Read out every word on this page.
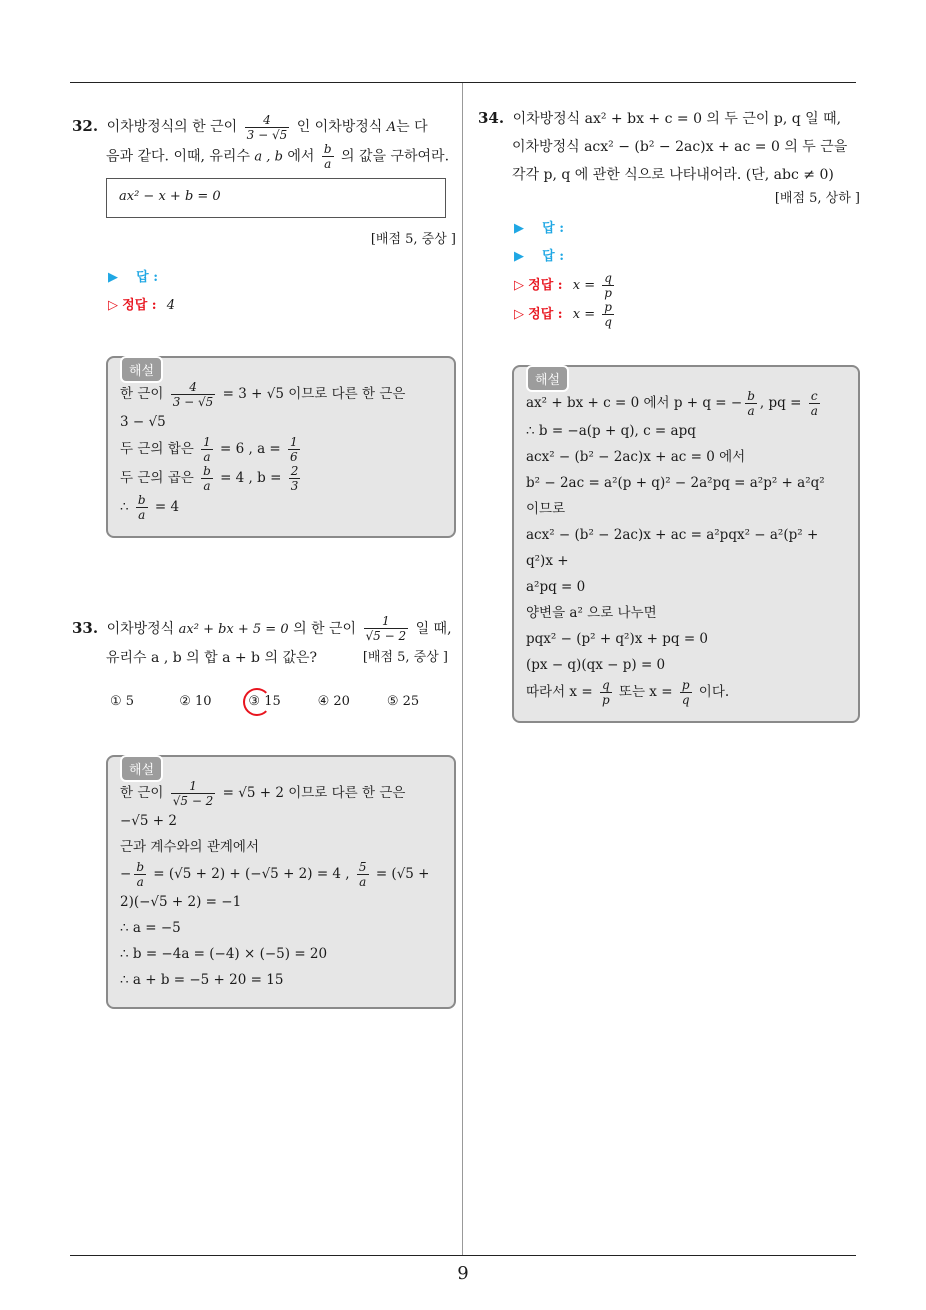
9

32. 이차방정식의 한 근이 $\frac{4}{3 - √5}$ 인 이차방정식 A는 다

음과 같다. 이때, 유리수 a , b 에서 $\frac{b}{a}$ 의 값을 구하여라.

ax² − x + b = 0

[배점 5, 중상 ]

▶ 답 :
▷ 정답 : 4
해설

한 근이 $\frac{4}{3 - √5} = 3 + √5$ 이므로 다른 한 근은

3 − √5

두 근의 합은 $\frac{1}{a} = 6$ , $a = \frac{1}{6}$

두 근의 곱은 $\frac{b}{a} = 4$ , $b = \frac{2}{3}$

∴ $\frac{b}{a} = 4$

33. 이차방정식 ax² + bx + 5 = 0 의 한 근이 $\frac{1}{√5 - 2}$ 일 때,

유리수 a , b 의 합 a + b 의 값은?	[배점 5, 중상 ]

① 5	② 10	③ 15	④ 20	⑤ 25
해설

한 근이 $\frac{1}{√5 - 2} = √5 + 2$ 이므로 다른 한 근은

−√5 + 2

근과 계수와의 관계에서

− $\frac{b}{a} = (√5 + 2) + (-√5 + 2) = 4$ , $\frac{5}{a} = (√5$ +

2)(−√5 + 2) = −1

∴ a = −5

∴ b = −4a = (−4) × (−5) = 20

∴ a + b = −5 + 20 = 15

34. 이차방정식 ax² + bx + c = 0 의 두 근이 p, q 일 때,

이차방정식 acx² − (b² − 2ac)x + ac = 0 의 두 근을

각각 p, q 에 관한 식으로 나타내어라. (단, abc ≠ 0)

[배점 5, 상하 ]

▶ 답 :
▶ 답 :
▷ 정답 : $x = \frac{q}{p}$
▷ 정답 : $x = \frac{p}{q}$
해설

ax² + bx + c = 0 에서 p + q = − $\frac{b}{a}$ , pq = $\frac{c}{a}$

∴ b = −a(p + q), c = apq

acx² − (b² − 2ac)x + ac = 0 에서

b² − 2ac = a²(p + q)² − 2a²pq = a²p² + a²q²

이므로

acx² − (b² − 2ac)x + ac = a²pqx² − a²(p² + q²)x +

a²pq = 0

양변을 a² 으로 나누면

pqx² − (p² + q²)x + pq = 0

(px − q)(qx − p) = 0

따라서 $x = \frac{q}{p}$ 또는 $x = \frac{p}{q}$ 이다.
